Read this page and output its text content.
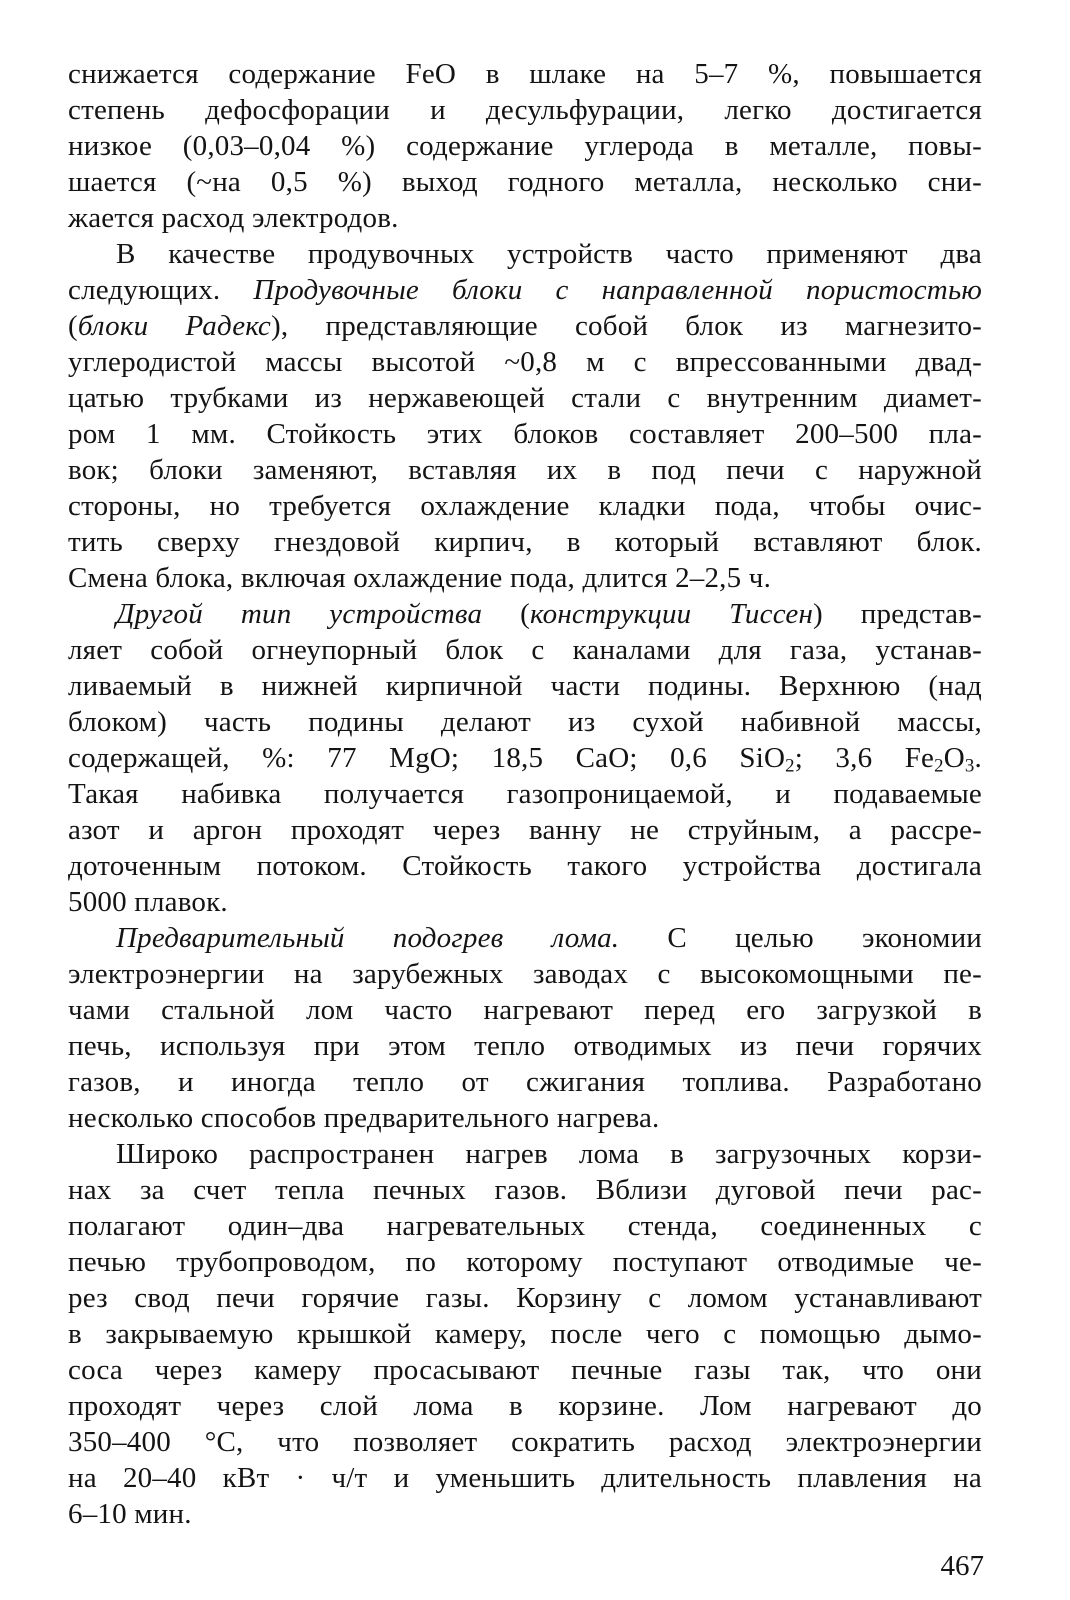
снижается содержание FeO в шлаке на 5–7 %, повышается
степень дефосфорации и десульфурации, легко достигается
низкое (0,03–0,04 %) содержание углерода в металле, повы-
шается (~на 0,5 %) выход годного металла, несколько сни-
жается расход электродов.
В качестве продувочных устройств часто применяют два
следующих. Продувочные блоки с направленной пористостью
(блоки Радекс), представляющие собой блок из магнезито-
углеродистой массы высотой ~0,8 м с впрессованными двад-
цатью трубками из нержавеющей стали с внутренним диамет-
ром 1 мм. Стойкость этих блоков составляет 200–500 пла-
вок; блоки заменяют, вставляя их в под печи с наружной
стороны, но требуется охлаждение кладки пода, чтобы очис-
тить сверху гнездовой кирпич, в который вставляют блок.
Смена блока, включая охлаждение пода, длится 2–2,5 ч.
Другой тип устройства (конструкции Тиссен) представ-
ляет собой огнеупорный блок с каналами для газа, устанав-
ливаемый в нижней кирпичной части подины. Верхнюю (над
блоком) часть подины делают из сухой набивной массы,
содержащей, %: 77 MgO; 18,5 CaO; 0,6 SiO$_2$; 3,6 $Fe_2O_3$.
Такая набивка получается газопроницаемой, и подаваемые
азот и аргон проходят через ванну не струйным, а рассре-
доточенным потоком. Стойкость такого устройства достигала
5000 плавок.
Предварительный подогрев лома. С целью экономии
электроэнергии на зарубежных заводах с высокомощными пе-
чами стальной лом часто нагревают перед его загрузкой в
печь, используя при этом тепло отводимых из печи горячих
газов, и иногда тепло от сжигания топлива. Разработано
несколько способов предварительного нагрева.
Широко распространен нагрев лома в загрузочных корзи-
нах за счет тепла печных газов. Вблизи дуговой печи рас-
полагают один–два нагревательных стенда, соединенных с
печью трубопроводом, по которому поступают отводимые че-
рез свод печи горячие газы. Корзину с ломом устанавливают
в закрываемую крышкой камеру, после чего с помощью дымо-
соса через камеру просасывают печные газы так, что они
проходят через слой лома в корзине. Лом нагревают до
350–400 °C, что позволяет сократить расход электроэнергии
на 20–40 кВт · ч/т и уменьшить длительность плавления на
6–10 мин.
467
